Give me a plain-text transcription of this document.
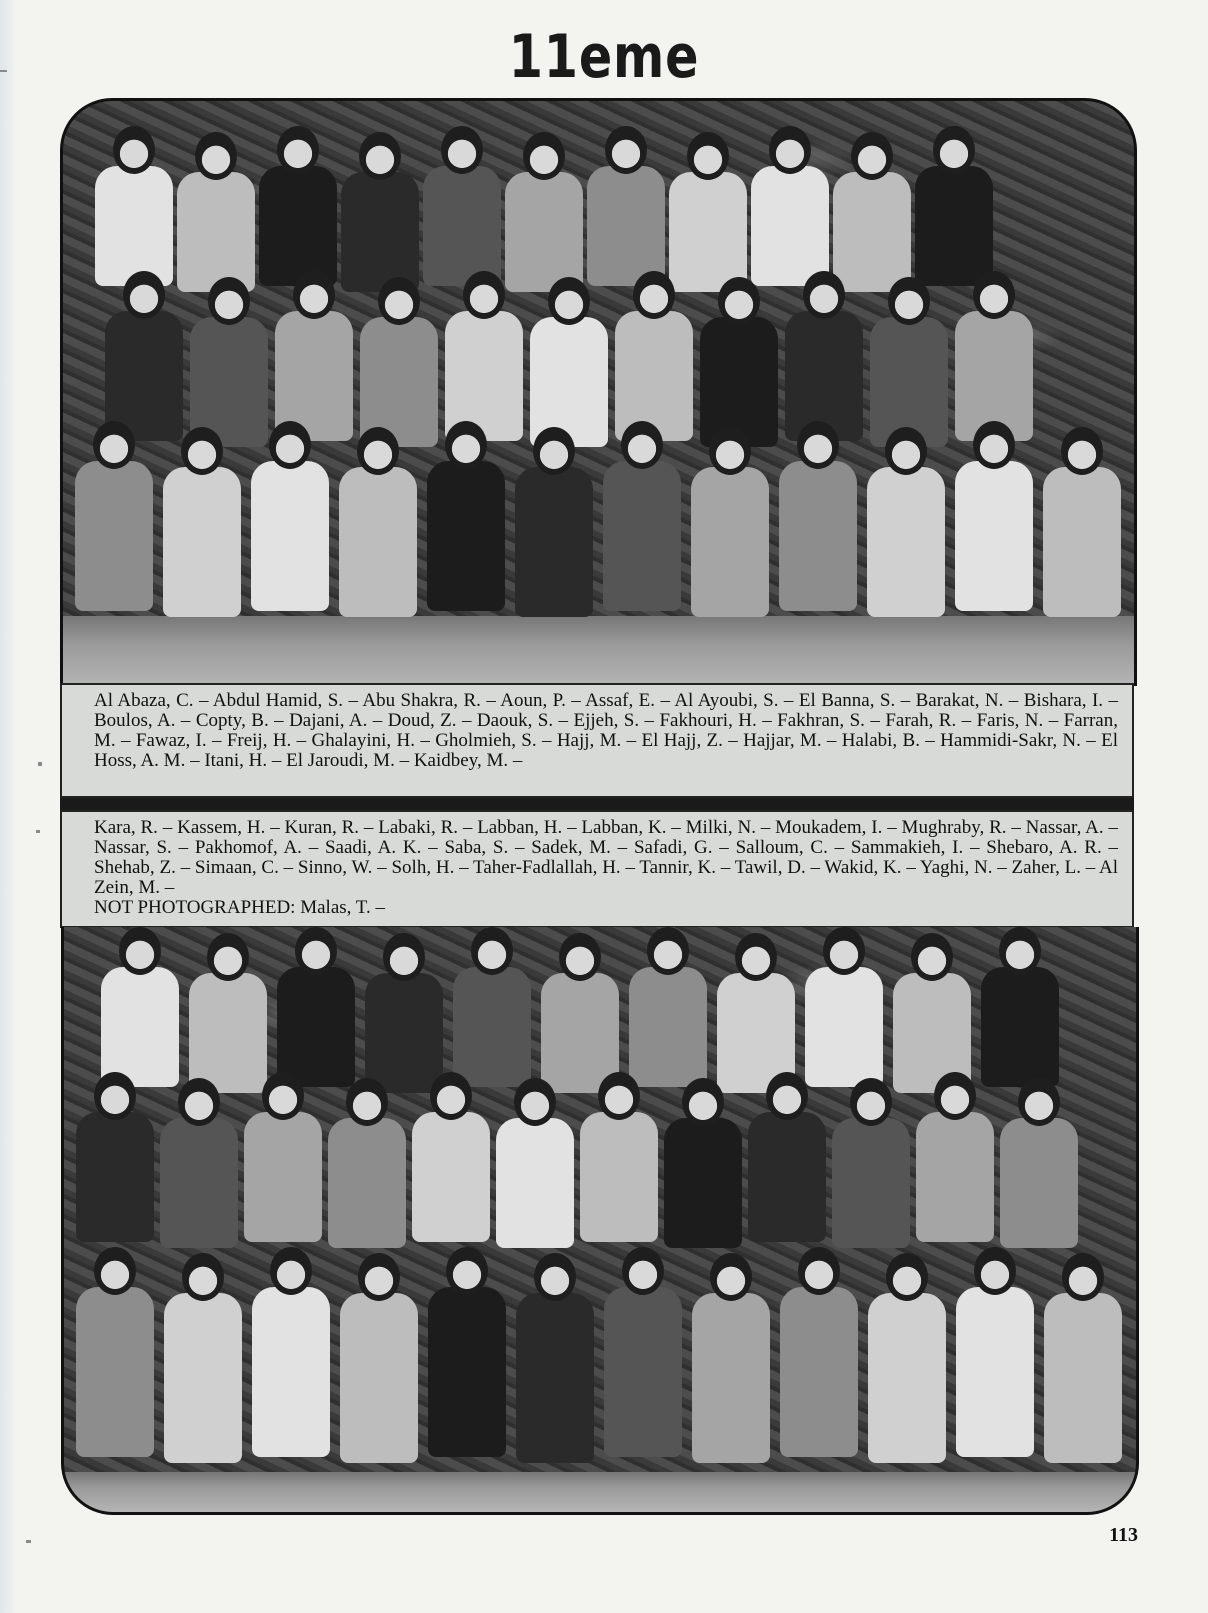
11eme
Al Abaza, C. – Abdul Hamid, S. – Abu Shakra, R. – Aoun, P. – Assaf, E. – Al Ayoubi, S. – El Banna, S. – Barakat, N. – Bishara, I. – Boulos, A. – Copty, B. – Dajani, A. – Doud, Z. – Daouk, S. – Ejjeh, S. – Fakhouri, H. – Fakhran, S. – Farah, R. – Faris, N. – Farran, M. – Fawaz, I. – Freij, H. – Ghalayini, H. – Gholmieh, S. – Hajj, M. – El Hajj, Z. – Hajjar, M. – Halabi, B. – Hammidi-Sakr, N. – El Hoss, A. M. – Itani, H. – El Jaroudi, M. – Kaidbey, M. –
Kara, R. – Kassem, H. – Kuran, R. – Labaki, R. – Labban, H. – Labban, K. – Milki, N. – Moukadem, I. – Mughraby, R. – Nassar, A. – Nassar, S. – Pakhomof, A. – Saadi, A. K. – Saba, S. – Sadek, M. – Safadi, G. – Salloum, C. – Sammakieh, I. – Shebaro, A. R. – Shehab, Z. – Simaan, C. – Sinno, W. – Solh, H. – Taher-Fadlallah, H. – Tannir, K. – Tawil, D. – Wakid, K. – Yaghi, N. – Zaher, L. – Al Zein, M. –
NOT PHOTOGRAPHED: Malas, T. –
113
